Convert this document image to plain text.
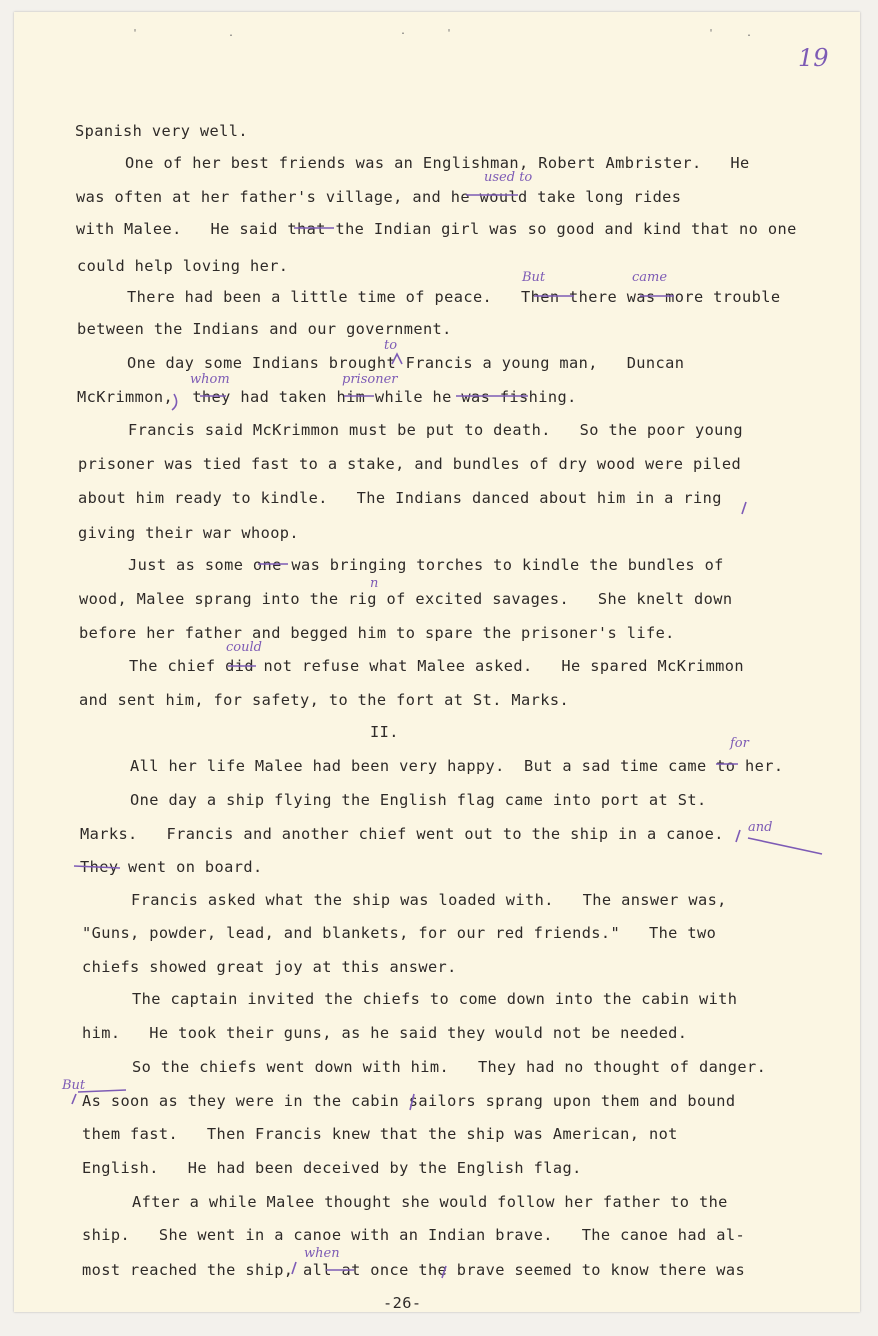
'	.	.	'	'	.
19
Spanish very well.
One of her best friends was an Englishman, Robert Ambrister.   He
was often at her father's village, and he would take long rides
with Malee.   He said that the Indian girl was so good and kind that no one
could help loving her.
There had been a little time of peace.   Then there was more trouble
between the Indians and our government.
One day some Indians brought Francis a young man,   Duncan
McKrimmon,  they had taken him while he was fishing.
Francis said McKrimmon must be put to death.   So the poor young
prisoner was tied fast to a stake, and bundles of dry wood were piled
about him ready to kindle.   The Indians danced about him in a ring
giving their war whoop.
Just as some one was bringing torches to kindle the bundles of
wood, Malee sprang into the rig of excited savages.   She knelt down
before her father and begged him to spare the prisoner's life.
The chief did not refuse what Malee asked.   He spared McKrimmon
and sent him, for safety, to the fort at St. Marks.
II.
All her life Malee had been very happy.  But a sad time came to her.
One day a ship flying the English flag came into port at St.
Marks.   Francis and another chief went out to the ship in a canoe.
They went on board.
Francis asked what the ship was loaded with.   The answer was,
"Guns, powder, lead, and blankets, for our red friends."   The two
chiefs showed great joy at this answer.
The captain invited the chiefs to come down into the cabin with
him.   He took their guns, as he said they would not be needed.
So the chiefs went down with him.   They had no thought of danger.
As soon as they were in the cabin sailors sprang upon them and bound
them fast.   Then Francis knew that the ship was American, not
English.   He had been deceived by the English flag.
After a while Malee thought she would follow her father to the
ship.   She went in a canoe with an Indian brave.   The canoe had al-
most reached the ship, all at once the brave seemed to know there was
-26-
used to
But	came
to
whom	prisoner
n
could
for
and
But
when
